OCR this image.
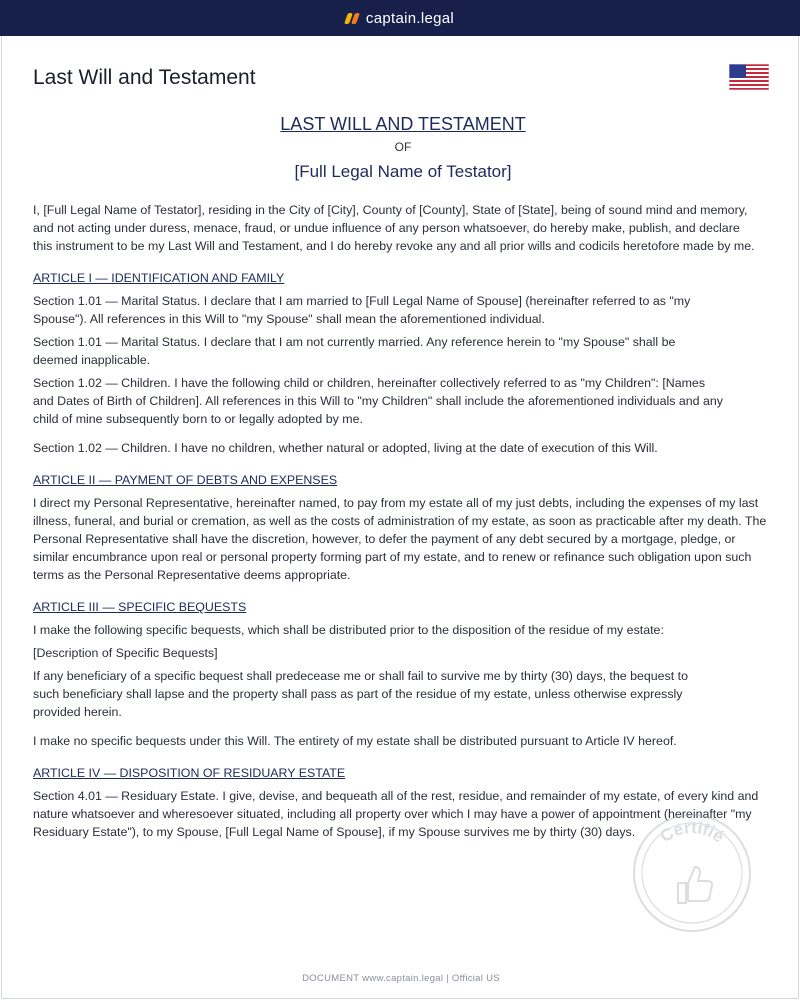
captain.legal
Last Will and Testament
LAST WILL AND TESTAMENT
OF
[Full Legal Name of Testator]

I, [Full Legal Name of Testator], residing in the City of [City], County of [County], State of [State], being of sound mind and memory, and not acting under duress, menace, fraud, or undue influence of any person whatsoever, do hereby make, publish, and declare this instrument to be my Last Will and Testament, and I do hereby revoke any and all prior wills and codicils heretofore made by me.

ARTICLE I — IDENTIFICATION AND FAMILY

Section 1.01 — Marital Status. I declare that I am married to [Full Legal Name of Spouse] (hereinafter referred to as "my Spouse"). All references in this Will to "my Spouse" shall mean the aforementioned individual.

Section 1.01 — Marital Status. I declare that I am not currently married. Any reference herein to "my Spouse" shall be deemed inapplicable.

Section 1.02 — Children. I have the following child or children, hereinafter collectively referred to as "my Children": [Names and Dates of Birth of Children]. All references in this Will to "my Children" shall include the aforementioned individuals and any child of mine subsequently born to or legally adopted by me.

Section 1.02 — Children. I have no children, whether natural or adopted, living at the date of execution of this Will.

ARTICLE II — PAYMENT OF DEBTS AND EXPENSES

I direct my Personal Representative, hereinafter named, to pay from my estate all of my just debts, including the expenses of my last illness, funeral, and burial or cremation, as well as the costs of administration of my estate, as soon as practicable after my death. The Personal Representative shall have the discretion, however, to defer the payment of any debt secured by a mortgage, pledge, or similar encumbrance upon real or personal property forming part of my estate, and to renew or refinance such obligation upon such terms as the Personal Representative deems appropriate.

ARTICLE III — SPECIFIC BEQUESTS

I make the following specific bequests, which shall be distributed prior to the disposition of the residue of my estate:

[Description of Specific Bequests]

If any beneficiary of a specific bequest shall predecease me or shall fail to survive me by thirty (30) days, the bequest to such beneficiary shall lapse and the property shall pass as part of the residue of my estate, unless otherwise expressly provided herein.

I make no specific bequests under this Will. The entirety of my estate shall be distributed pursuant to Article IV hereof.

ARTICLE IV — DISPOSITION OF RESIDUARY ESTATE

Section 4.01 — Residuary Estate. I give, devise, and bequeath all of the rest, residue, and remainder of my estate, of every kind and nature whatsoever and wheresoever situated, including all property over which I may have a power of appointment (hereinafter "my Residuary Estate"), to my Spouse, [Full Legal Name of Spouse], if my Spouse survives me by thirty (30) days.	Certifié
DOCUMENT www.captain.legal | Official US
